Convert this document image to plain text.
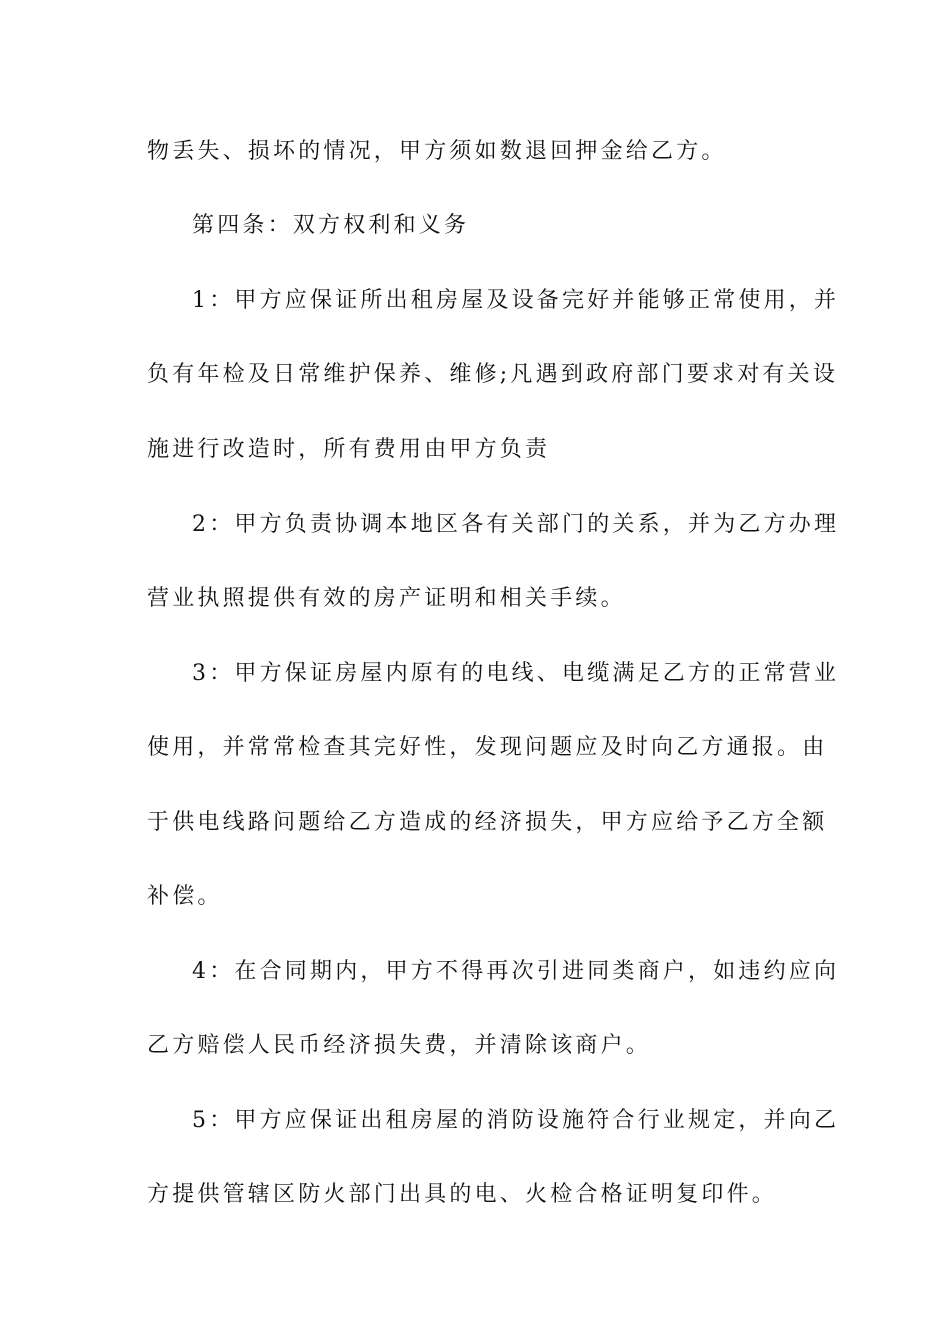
物丢失、损坏的情况，甲方须如数退回押金给乙方。
第四条：双方权利和义务
1：甲方应保证所出租房屋及设备完好并能够正常使用，并
负有年检及日常维护保养、维修;凡遇到政府部门要求对有关设
施进行改造时，所有费用由甲方负责
2：甲方负责协调本地区各有关部门的关系，并为乙方办理
营业执照提供有效的房产证明和相关手续。
3：甲方保证房屋内原有的电线、电缆满足乙方的正常营业
使用，并常常检查其完好性，发现问题应及时向乙方通报。由
于供电线路问题给乙方造成的经济损失，甲方应给予乙方全额
补偿。
4：在合同期内，甲方不得再次引进同类商户，如违约应向
乙方赔偿人民币经济损失费，并清除该商户。
5：甲方应保证出租房屋的消防设施符合行业规定，并向乙
方提供管辖区防火部门出具的电、火检合格证明复印件。
